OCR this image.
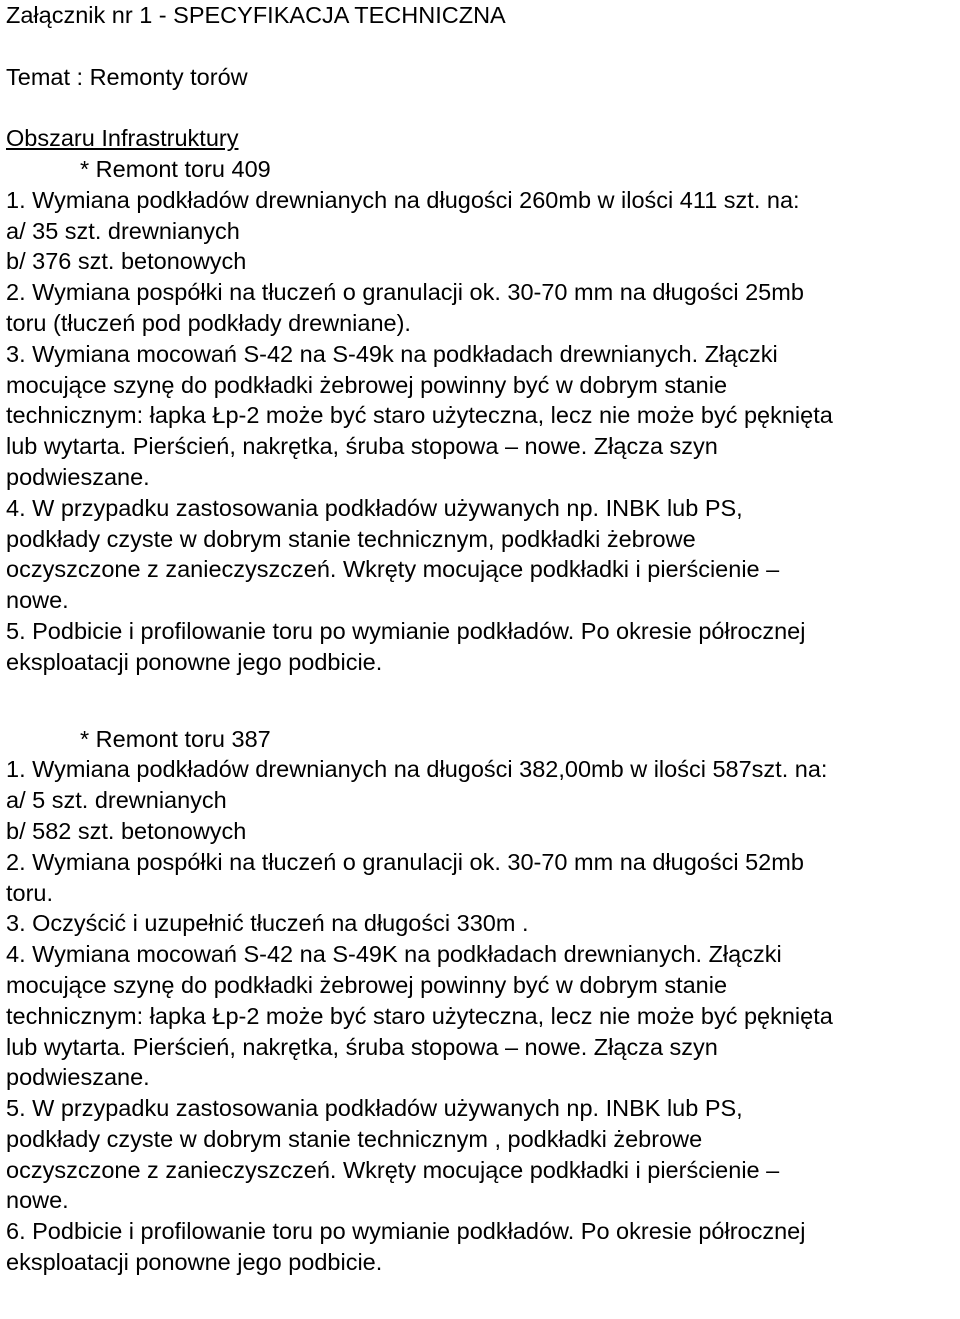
Załącznik nr 1 - SPECYFIKACJA TECHNICZNA
Temat : Remonty torów
Obszaru Infrastruktury
* Remont toru 409
1. Wymiana podkładów drewnianych na długości 260mb w ilości 411 szt. na:
a/ 35 szt. drewnianych
b/ 376 szt. betonowych
2. Wymiana pospółki na tłuczeń o granulacji ok. 30-70 mm na długości 25mb
toru (tłuczeń pod podkłady drewniane).
3. Wymiana mocowań S-42 na S-49k na podkładach drewnianych. Złączki
mocujące szynę do podkładki żebrowej powinny być w dobrym stanie
technicznym: łapka Łp-2 może być staro użyteczna, lecz nie może być pęknięta
lub wytarta. Pierścień, nakrętka, śruba stopowa – nowe. Złącza szyn
podwieszane.
4. W przypadku zastosowania podkładów używanych np. INBK lub PS,
podkłady czyste w dobrym stanie technicznym, podkładki żebrowe
oczyszczone z zanieczyszczeń. Wkręty mocujące podkładki i pierścienie –
nowe.
5. Podbicie i profilowanie toru po wymianie podkładów. Po okresie półrocznej
eksploatacji ponowne jego podbicie.
* Remont toru 387
1. Wymiana podkładów drewnianych na długości 382,00mb w ilości 587szt. na:
a/ 5 szt. drewnianych
b/ 582 szt. betonowych
2. Wymiana pospółki na tłuczeń o granulacji ok. 30-70 mm na długości 52mb
toru.
3. Oczyścić i uzupełnić tłuczeń na długości 330m .
4. Wymiana mocowań S-42 na S-49K na podkładach drewnianych. Złączki
mocujące szynę do podkładki żebrowej powinny być w dobrym stanie
technicznym: łapka Łp-2 może być staro użyteczna, lecz nie może być pęknięta
lub wytarta. Pierścień, nakrętka, śruba stopowa – nowe. Złącza szyn
podwieszane.
5. W przypadku zastosowania podkładów używanych np. INBK lub PS,
podkłady czyste w dobrym stanie technicznym , podkładki żebrowe
oczyszczone z zanieczyszczeń. Wkręty mocujące podkładki i pierścienie –
nowe.
6. Podbicie i profilowanie toru po wymianie podkładów. Po okresie półrocznej
eksploatacji ponowne jego podbicie.
